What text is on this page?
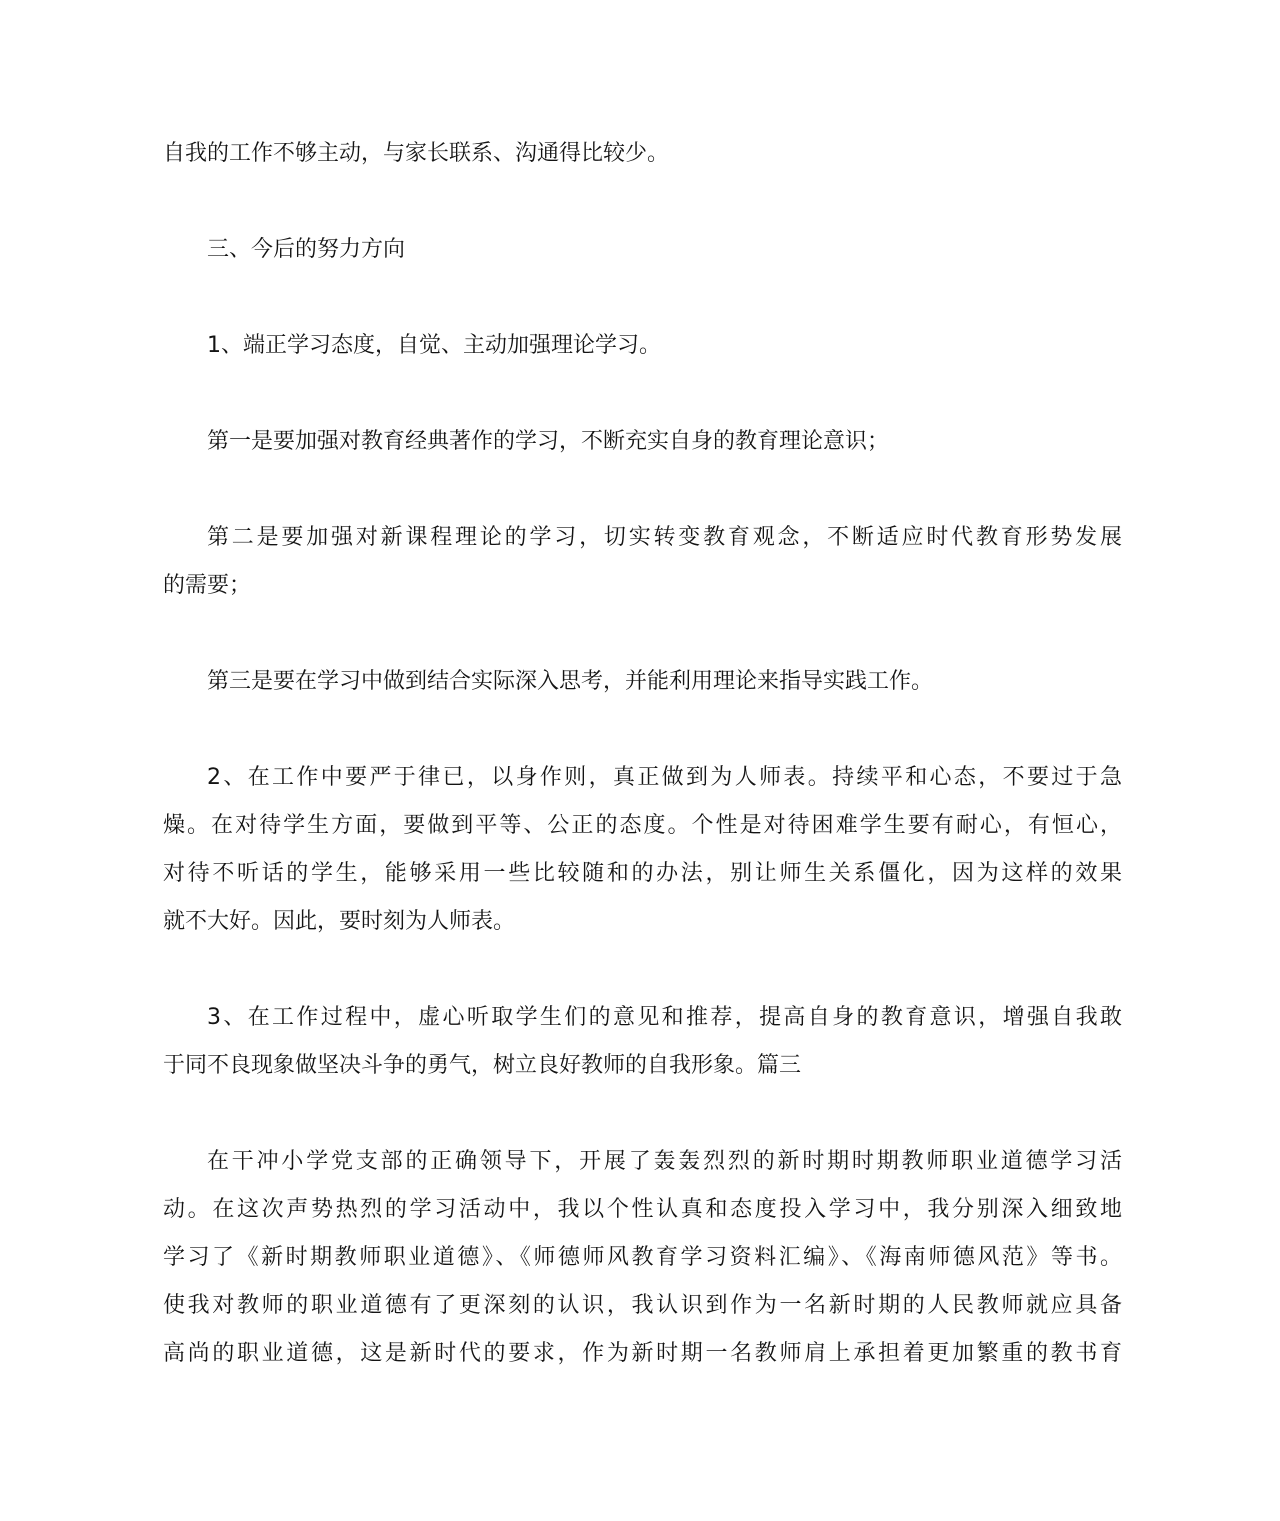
自我的工作不够主动，与家长联系、沟通得比较少。

三、今后的努力方向

1、端正学习态度，自觉、主动加强理论学习。

第一是要加强对教育经典著作的学习，不断充实自身的教育理论意识；

第二是要加强对新课程理论的学习，切实转变教育观念，不断适应时代教育形势发展
的需要；

第三是要在学习中做到结合实际深入思考，并能利用理论来指导实践工作。

2、在工作中要严于律已，以身作则，真正做到为人师表。持续平和心态，不要过于急
燥。在对待学生方面，要做到平等、公正的态度。个性是对待困难学生要有耐心，有恒心，
对待不听话的学生，能够采用一些比较随和的办法，别让师生关系僵化，因为这样的效果
就不大好。因此，要时刻为人师表。

3、在工作过程中，虚心听取学生们的意见和推荐，提高自身的教育意识，增强自我敢
于同不良现象做坚决斗争的勇气，树立良好教师的自我形象。篇三

在干冲小学党支部的正确领导下，开展了轰轰烈烈的新时期时期教师职业道德学习活
动。在这次声势热烈的学习活动中，我以个性认真和态度投入学习中，我分别深入细致地
学习了《新时期教师职业道德》、《师德师风教育学习资料汇编》、《海南师德风范》等书。
使我对教师的职业道德有了更深刻的认识，我认识到作为一名新时期的人民教师就应具备
高尚的职业道德，这是新时代的要求，作为新时期一名教师肩上承担着更加繁重的教书育
